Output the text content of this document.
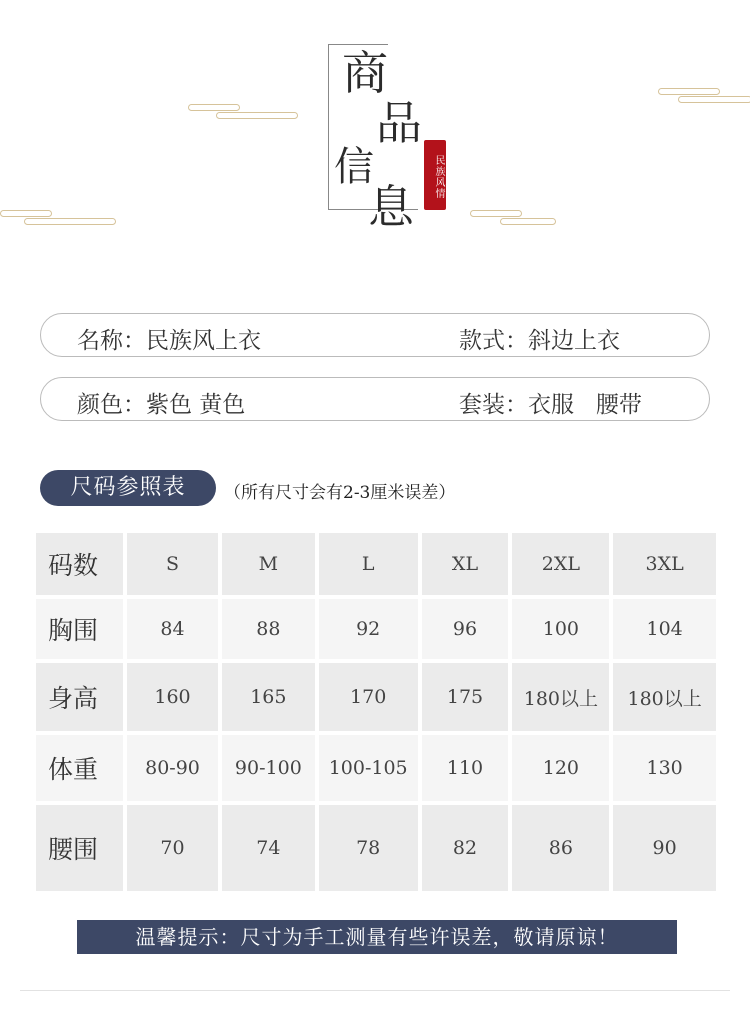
商
品
信
息
民族风情
名称：民族风上衣	款式：斜边上衣
颜色：紫色 黄色	套装：衣服   腰带
尺码参照表	（所有尺寸会有2-3厘米误差）
码数	S	M	L	XL	2XL	3XL
胸围	84	88	92	96	100	104
身高	160	165	170	175	180以上	180以上
体重	80-90	90-100	100-105	110	120	130
腰围	70	74	78	82	86	90
温馨提示：尺寸为手工测量有些许误差，敬请原谅！
